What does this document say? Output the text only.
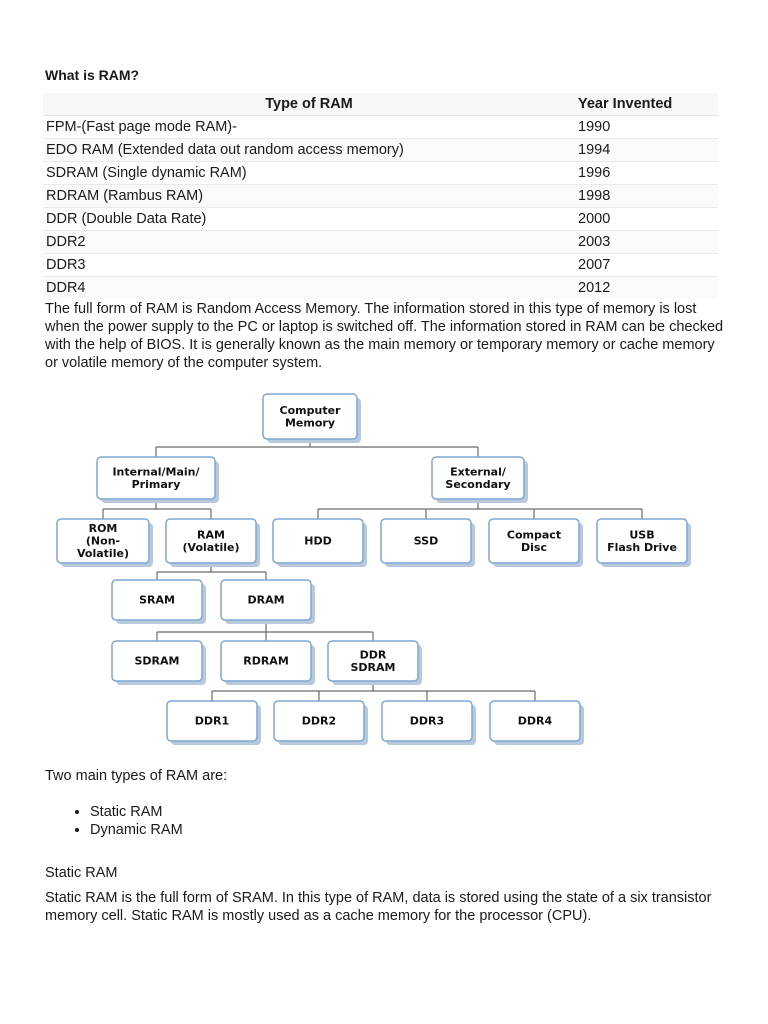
What is RAM?
Type of RAM	Year Invented
FPM-(Fast page mode RAM)-	1990
EDO RAM (Extended data out random access memory)	1994
SDRAM (Single dynamic RAM)	1996
RDRAM (Rambus RAM)	1998
DDR (Double Data Rate)	2000
DDR2	2003
DDR3	2007
DDR4	2012

The full form of RAM is Random Access Memory. The information stored in this type of memory is lost when the power supply to the PC or laptop is switched off. The information stored in RAM can be checked with the help of BIOS. It is generally known as the main memory or temporary memory or cache memory or volatile memory of the computer system.

Computer
Memory
Internal/Main/
Primary
External/
Secondary
ROM
(Non-
Volatile)
RAM
(Volatile)	HDD	SSD	Compact
Disc
USB
Flash Drive
SRAM	DRAM
SDRAM	RDRAM	DDR
SDRAM
DDR1	DDR2	DDR3	DDR4

Two main types of RAM are:

• Static RAM
• Dynamic RAM

Static RAM

Static RAM is the full form of SRAM. In this type of RAM, data is stored using the state of a six transistor memory cell. Static RAM is mostly used as a cache memory for the processor (CPU).
